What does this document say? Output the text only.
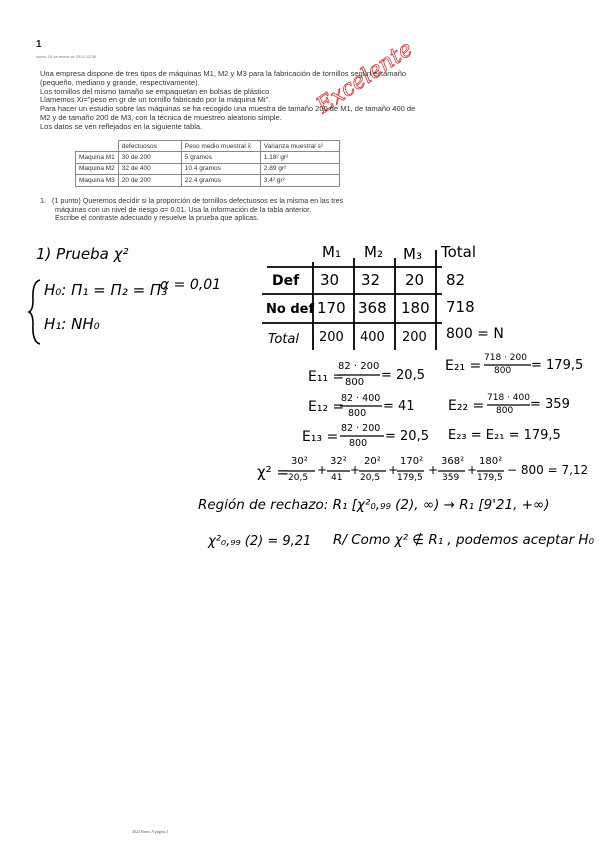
1
lunes, 15 de enero de 2024 13:38	Excelente
Una empresa dispone de tres tipos de máquinas M1, M2 y M3 para la fabricación de tornillos según el tamaño
(pequeño, mediano y grande, respectivamente).
Los tornillos del mismo tamaño se empaquetan en bolsas de plástico.
Llamemos Xi="peso en gr de un tornillo fabricado por la máquina Mi".
Para hacer un estudio sobre las máquinas se ha recogido una muestra de tamaño 200 de M1, de tamaño 400 de
M2 y de tamaño 200 de M3, con la técnica de muestreo aleatorio simple.
Los datos se ven reflejados en la siguiente tabla.
	defectuosos	Peso medio muestral x̄	Varianza muestral s²
Maquina M1	30 de 200	5 gramos	1.18² gr²
Maquina M2	32 de 400	10.4 gramos	2.89 gr²
Maquina M3	20 de 200	22.4 gramos	3.4² gr²
1. (1 punto) Queremos decidir si la proporción de tornillos defectuosos es la misma en las tres
máquinas con un nivel de riesgo α= 0.01. Usa la información de la tabla anterior.
Escribe el contraste adecuado y resuelve la prueba que aplicas.
1) Prueba χ²
H₀: Π₁ = Π₂ = Π₃
H₁: NH₀
α = 0,01
M₁ M₂ M₃ Total
Def 30 32 20 82
No def 170 368 180 718
Total 200 400 200 800 = N
E₁₁ =
82 · 200
800 = 20,5
E₂₁ = 718 · 200
800 = 179,5
E₁₂ =
82 · 400
800 = 41 E₂₂ = 718 · 400
800 = 359
E₁₃ =
82 · 200
800 = 20,5 E₂₃ = E₂₁ = 179,5
χ² =
30²
20,5
+
32²
41
+
20²
20,5
+
170²
179,5
+
368²
359
+
180²
179,5
− 800 = 7,12
Región de rechazo: R₁ [χ²₀,₉₉ (2), ∞) → R₁ [9'21, +∞)
χ²₀,₉₉ (2) = 9,21 R/ Como χ² ∉ R₁ , podemos aceptar H₀
2022 Enero A página 1
